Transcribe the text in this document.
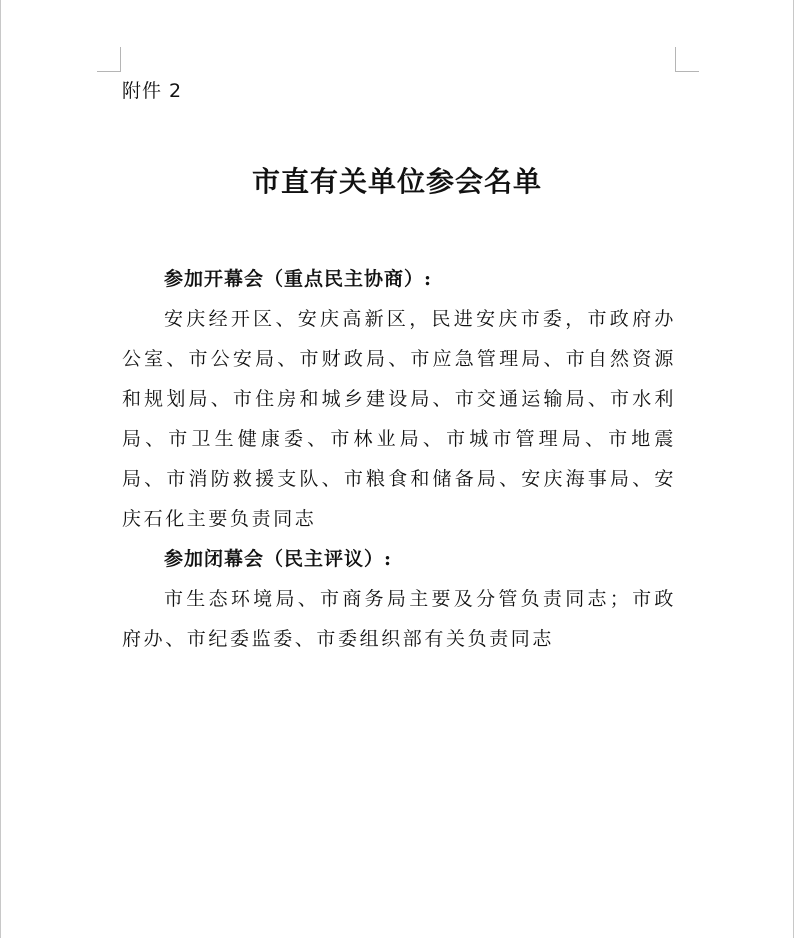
附件 2

市直有关单位参会名单

参加开幕会（重点民主协商）:

安庆经开区、安庆高新区，民进安庆市委，市政府办公室、市公安局、市财政局、市应急管理局、市自然资源和规划局、市住房和城乡建设局、市交通运输局、市水利局、市卫生健康委、市林业局、市城市管理局、市地震局、市消防救援支队、市粮食和储备局、安庆海事局、安庆石化主要负责同志

参加闭幕会（民主评议）:

市生态环境局、市商务局主要及分管负责同志；市政府办、市纪委监委、市委组织部有关负责同志
